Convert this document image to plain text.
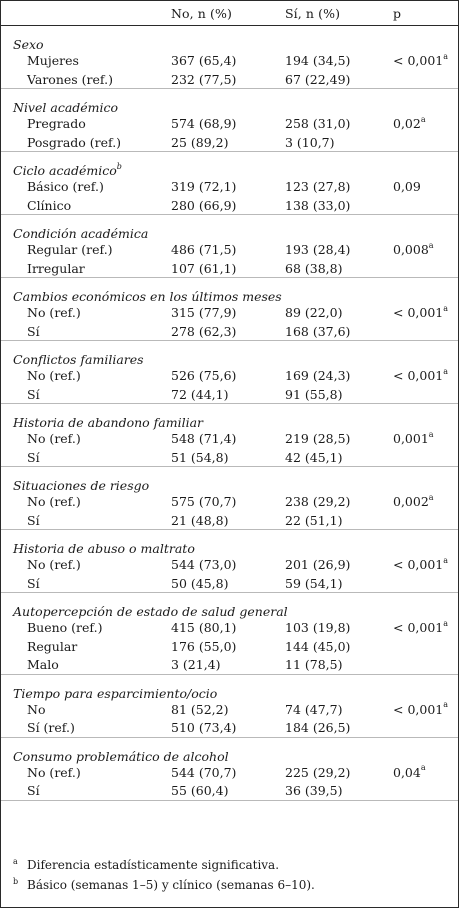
No, n (%)	Sí, n (%)	p
Sexo
Mujeres	367 (65,4)	194 (34,5)	< 0,001$^a$
Varones (ref.)	232 (77,5)	67 (22,49)
Nivel académico
Pregrado	574 (68,9)	258 (31,0)	0,02$^a$
Posgrado (ref.)	25 (89,2)	3 (10,7)
Ciclo académico$^b$
Básico (ref.)	319 (72,1)	123 (27,8)	0,09
Clínico	280 (66,9)	138 (33,0)
Condición académica
Regular (ref.)	486 (71,5)	193 (28,4)	0,008$^a$
Irregular	107 (61,1)	68 (38,8)
Cambios económicos en los últimos meses
No (ref.)	315 (77,9)	89 (22,0)	< 0,001$^a$
Sí	278 (62,3)	168 (37,6)
Conflictos familiares
No (ref.)	526 (75,6)	169 (24,3)	< 0,001$^a$
Sí	72 (44,1)	91 (55,8)
Historia de abandono familiar
No (ref.)	548 (71,4)	219 (28,5)	0,001$^a$
Sí	51 (54,8)	42 (45,1)
Situaciones de riesgo
No (ref.)	575 (70,7)	238 (29,2)	0,002$^a$
Sí	21 (48,8)	22 (51,1)
Historia de abuso o maltrato
No (ref.)	544 (73,0)	201 (26,9)	< 0,001$^a$
Sí	50 (45,8)	59 (54,1)
Autopercepción de estado de salud general
Bueno (ref.)	415 (80,1)	103 (19,8)	< 0,001$^a$
Regular	176 (55,0)	144 (45,0)
Malo	3 (21,4)	11 (78,5)
Tiempo para esparcimiento/ocio
No	81 (52,2)	74 (47,7)	< 0,001$^a$
Sí (ref.)	510 (73,4)	184 (26,5)
Consumo problemático de alcohol
No (ref.)	544 (70,7)	225 (29,2)	0,04$^a$
Sí	55 (60,4)	36 (39,5)
a Diferencia estadísticamente significativa.
b Básico (semanas 1–5) y clínico (semanas 6–10).
